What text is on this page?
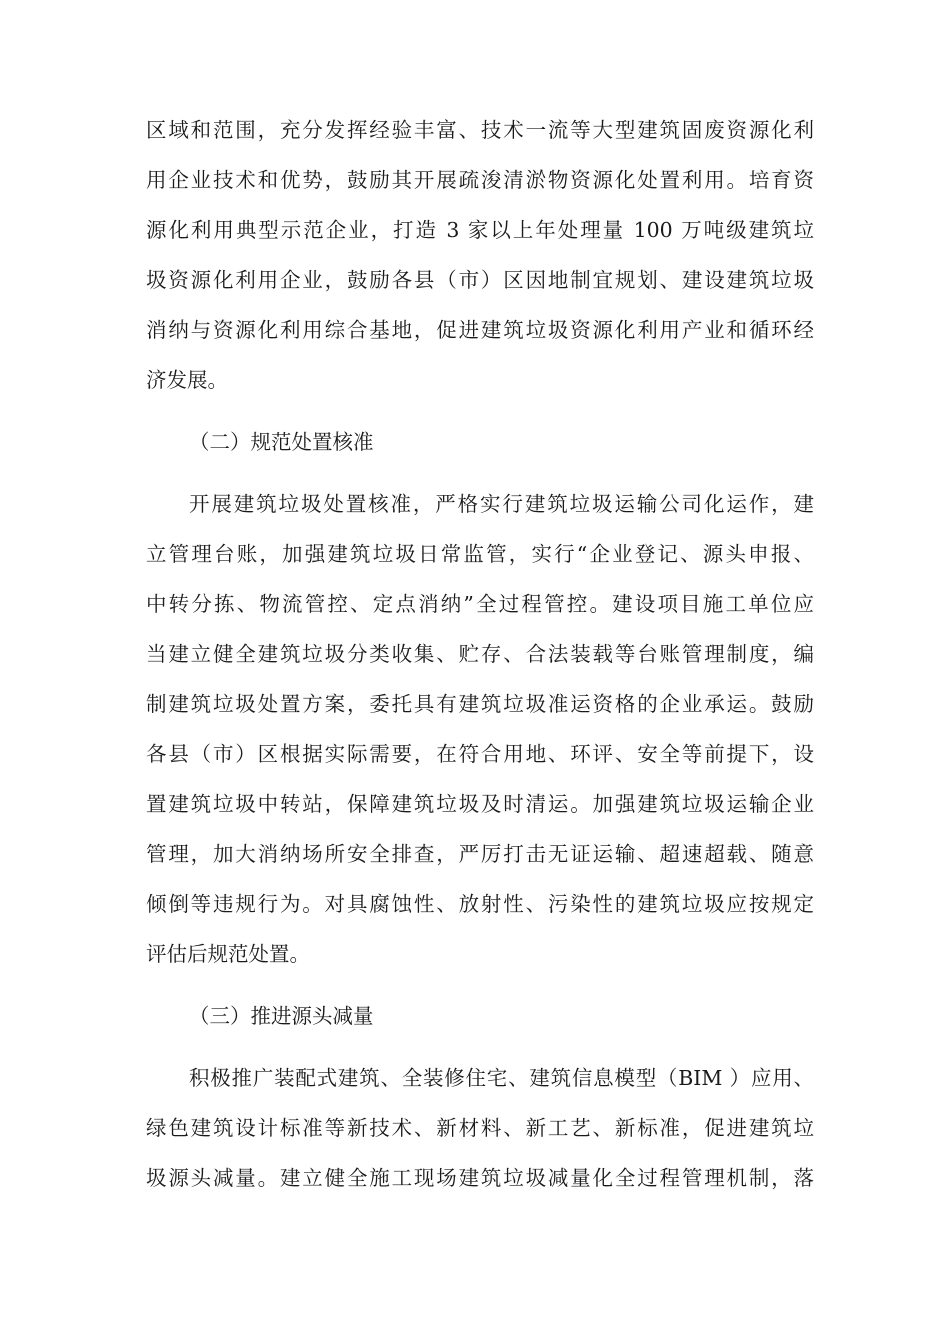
区域和范围，充分发挥经验丰富、技术一流等大型建筑固废资源化利
用企业技术和优势，鼓励其开展疏浚清淤物资源化处置利用。培育资
源化利用典型示范企业，打造 3 家以上年处理量 100 万吨级建筑垃
圾资源化利用企业，鼓励各县（市）区因地制宜规划、建设建筑垃圾
消纳与资源化利用综合基地，促进建筑垃圾资源化利用产业和循环经
济发展。
（二）规范处置核准
开展建筑垃圾处置核准，严格实行建筑垃圾运输公司化运作，建
立管理台账，加强建筑垃圾日常监管，实行“企业登记、源头申报、
中转分拣、物流管控、定点消纳”全过程管控。建设项目施工单位应
当建立健全建筑垃圾分类收集、贮存、合法装载等台账管理制度，编
制建筑垃圾处置方案，委托具有建筑垃圾准运资格的企业承运。鼓励
各县（市）区根据实际需要，在符合用地、环评、安全等前提下，设
置建筑垃圾中转站，保障建筑垃圾及时清运。加强建筑垃圾运输企业
管理，加大消纳场所安全排查，严厉打击无证运输、超速超载、随意
倾倒等违规行为。对具腐蚀性、放射性、污染性的建筑垃圾应按规定
评估后规范处置。
（三）推进源头减量
积极推广装配式建筑、全装修住宅、建筑信息模型（BIM ）应用、
绿色建筑设计标准等新技术、新材料、新工艺、新标准，促进建筑垃
圾源头减量。建立健全施工现场建筑垃圾减量化全过程管理机制，落
